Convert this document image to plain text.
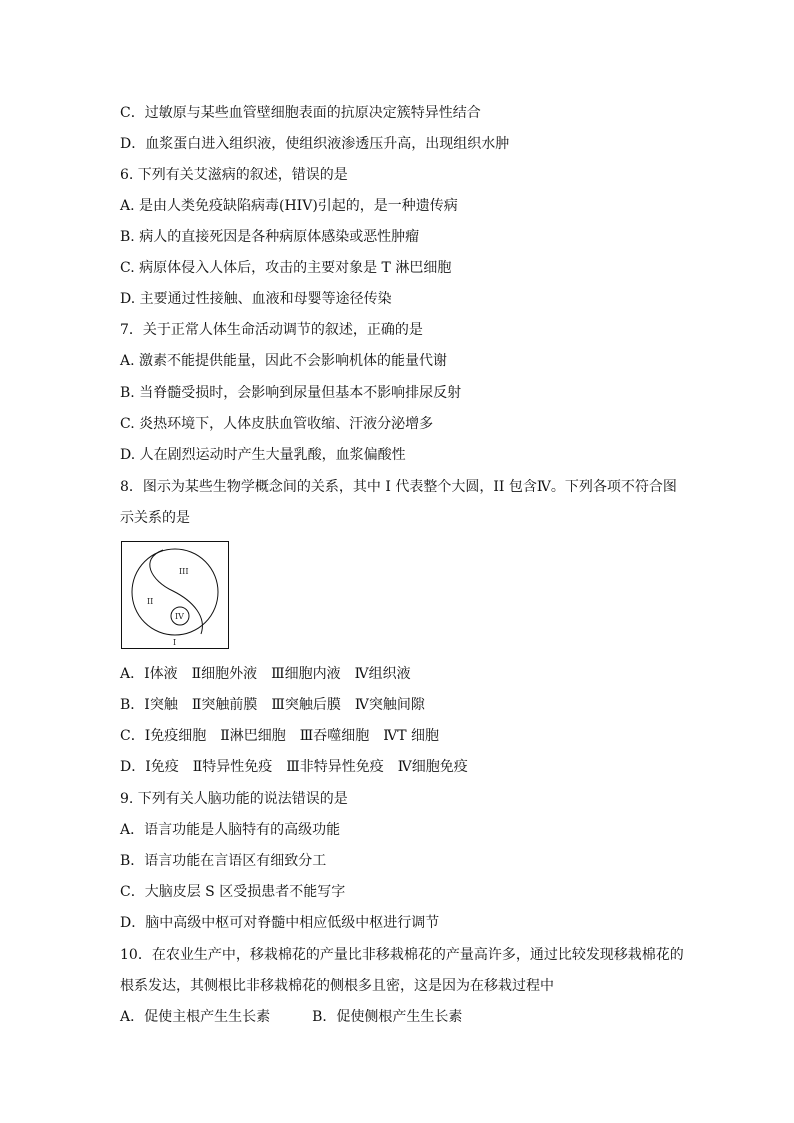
C．过敏原与某些血管壁细胞表面的抗原决定簇特异性结合
D．血浆蛋白进入组织液，使组织液渗透压升高，出现组织水肿
6. 下列有关艾滋病的叙述，错误的是
A. 是由人类免疫缺陷病毒(HIV)引起的，是一种遗传病
B. 病人的直接死因是各种病原体感染或恶性肿瘤
C. 病原体侵入人体后，攻击的主要对象是 T 淋巴细胞
D. 主要通过性接触、血液和母婴等途径传染
7．关于正常人体生命活动调节的叙述，正确的是
A. 激素不能提供能量，因此不会影响机体的能量代谢
B. 当脊髓受损时，会影响到尿量但基本不影响排尿反射
C. 炎热环境下，人体皮肤血管收缩、汗液分泌增多
D. 人在剧烈运动时产生大量乳酸，血浆偏酸性
8．图示为某些生物学概念间的关系，其中 I 代表整个大圆，II 包含Ⅳ。下列各项不符合图
示关系的是
III
II
IV
I
A．Ⅰ体液　Ⅱ细胞外液　Ⅲ细胞内液　Ⅳ组织液
B．Ⅰ突触　Ⅱ突触前膜　Ⅲ突触后膜　Ⅳ突触间隙
C．Ⅰ免疫细胞　Ⅱ淋巴细胞　Ⅲ吞噬细胞　ⅣT 细胞
D．Ⅰ免疫　Ⅱ特异性免疫　Ⅲ非特异性免疫　Ⅳ细胞免疫
9. 下列有关人脑功能的说法错误的是
A．语言功能是人脑特有的高级功能
B．语言功能在言语区有细致分工
C．大脑皮层 S 区受损患者不能写字
D．脑中高级中枢可对脊髓中相应低级中枢进行调节
10．在农业生产中，移栽棉花的产量比非移栽棉花的产量高许多，通过比较发现移栽棉花的
根系发达，其侧根比非移栽棉花的侧根多且密，这是因为在移栽过程中
A．促使主根产生生长素　　　B．促使侧根产生生长素
